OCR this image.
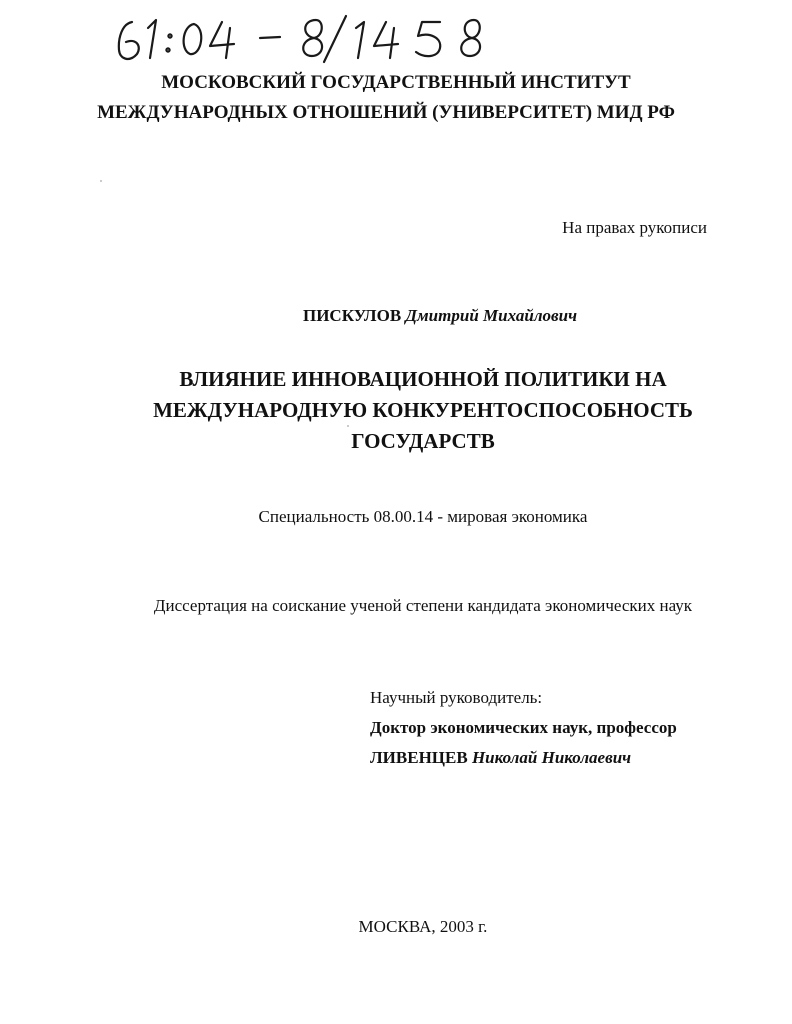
МОСКОВСКИЙ ГОСУДАРСТВЕННЫЙ ИНСТИТУТ

МЕЖДУНАРОДНЫХ ОТНОШЕНИЙ (УНИВЕРСИТЕТ) МИД РФ

На правах рукописи

ПИСКУЛОВ Дмитрий Михайлович

ВЛИЯНИЕ ИННОВАЦИОННОЙ ПОЛИТИКИ НА
МЕЖДУНАРОДНУЮ КОНКУРЕНТОСПОСОБНОСТЬ
ГОСУДАРСТВ

Специальность 08.00.14 - мировая экономика

Диссертация на соискание ученой степени кандидата экономических наук

Научный руководитель:
Доктор экономических наук, профессор
ЛИВЕНЦЕВ Николай Николаевич

МОСКВА, 2003 г.
